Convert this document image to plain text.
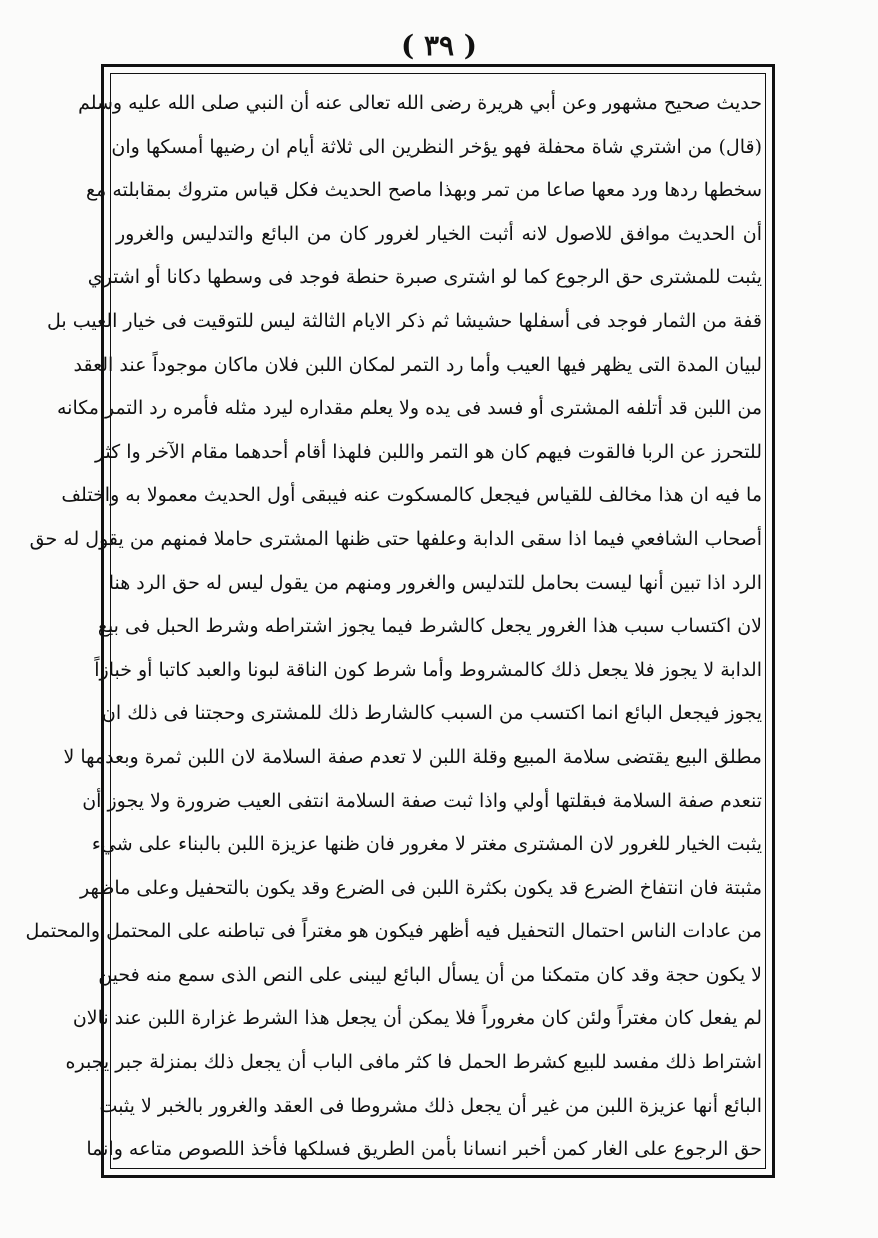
( ٣٩ )
حديث صحيح مشهور وعن أبي هريرة رضى الله تعالى عنه أن النبي صلى الله عليه وسلم
(قال) من اشتري شاة محفلة فهو يؤخر النظرين الى ثلاثة أيام ان رضيها أمسكها وان
سخطها ردها ورد معها صاعا من تمر وبهذا ماصح الحديث فكل قياس متروك بمقابلته مع
أن الحديث موافق للاصول لانه أثبت الخيار لغرور كان من البائع والتدليس والغرور
يثبت للمشترى حق الرجوع كما لو اشترى صبرة حنطة فوجد فى وسطها دكانا أو اشتري
قفة من الثمار فوجد فى أسفلها حشيشا ثم ذكر الايام الثالثة ليس للتوقيت فى خيار العيب بل
لبيان المدة التى يظهر فيها العيب وأما رد التمر لمكان اللبن فلان ماكان موجوداً عند العقد
من اللبن قد أتلفه المشترى أو فسد فى يده ولا يعلم مقداره ليرد مثله فأمره رد التمر مكانه
للتحرز عن الربا فالقوت فيهم كان هو التمر واللبن فلهذا أقام أحدهما مقام الآخر وا كثر
ما فيه ان هذا مخالف للقياس فيجعل كالمسكوت عنه فيبقى أول الحديث معمولا به واختلف
أصحاب الشافعي فيما اذا سقى الدابة وعلفها حتى ظنها المشترى حاملا فمنهم من يقول له حق
الرد اذا تبين أنها ليست بحامل للتدليس والغرور ومنهم من يقول ليس له حق الرد هنا
لان اكتساب سبب هذا الغرور يجعل كالشرط فيما يجوز اشتراطه وشرط الحبل فى بيع
الدابة لا يجوز فلا يجعل ذلك كالمشروط وأما شرط كون الناقة لبونا والعبد كاتبا أو خبازاً
يجوز فيجعل البائع انما اكتسب من السبب كالشارط ذلك للمشترى وحجتنا فى ذلك ان
مطلق البيع يقتضى سلامة المبيع وقلة اللبن لا تعدم صفة السلامة لان اللبن ثمرة وبعدمها لا
تنعدم صفة السلامة فبقلتها أولي واذا ثبت صفة السلامة انتفى العيب ضرورة ولا يجوز أن
يثبت الخيار للغرور لان المشترى مغتر لا مغرور فان ظنها عزيزة اللبن بالبناء على شيء
مثبتة فان انتفاخ الضرع قد يكون بكثرة اللبن فى الضرع وقد يكون بالتحفيل وعلى ماظهر
من عادات الناس احتمال التحفيل فيه أظهر فيكون هو مغتراً فى تباطنه على المحتمل والمحتمل
لا يكون حجة وقد كان متمكنا من أن يسأل البائع ليبنى على النص الذى سمع منه فحين
لم يفعل كان مغتراً ولئن كان مغروراً فلا يمكن أن يجعل هذا الشرط غزارة اللبن عند نالان
اشتراط ذلك مفسد للبيع كشرط الحمل فا كثر مافى الباب أن يجعل ذلك بمنزلة جبر يجبره
البائع أنها عزيزة اللبن من غير أن يجعل ذلك مشروطا فى العقد والغرور بالخبر لا يثبت
حق الرجوع على الغار كمن أخبر انسانا بأمن الطريق فسلكها فأخذ اللصوص متاعه وانما
